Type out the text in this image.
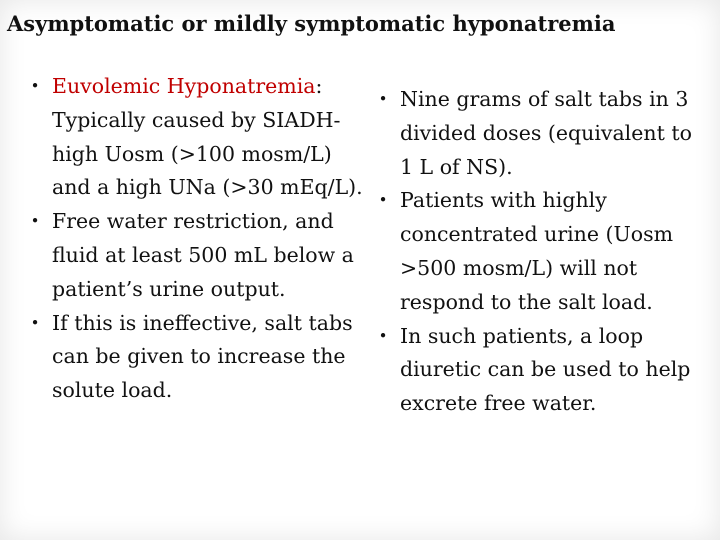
Asymptomatic or mildly symptomatic hyponatremia
• Euvolemic Hyponatremia: Typically caused by SIADH- high Uosm (>100 mosm/L) and a high UNa (>30 mEq/L).
• Free water restriction, and fluid at least 500 mL below a patient’s urine output.
• If this is ineffective, salt tabs can be given to increase the solute load.
• Nine grams of salt tabs in 3 divided doses (equivalent to 1 L of NS).
• Patients with highly concentrated urine (Uosm >500 mosm/L) will not respond to the salt load.
• In such patients, a loop diuretic can be used to help excrete free water.
